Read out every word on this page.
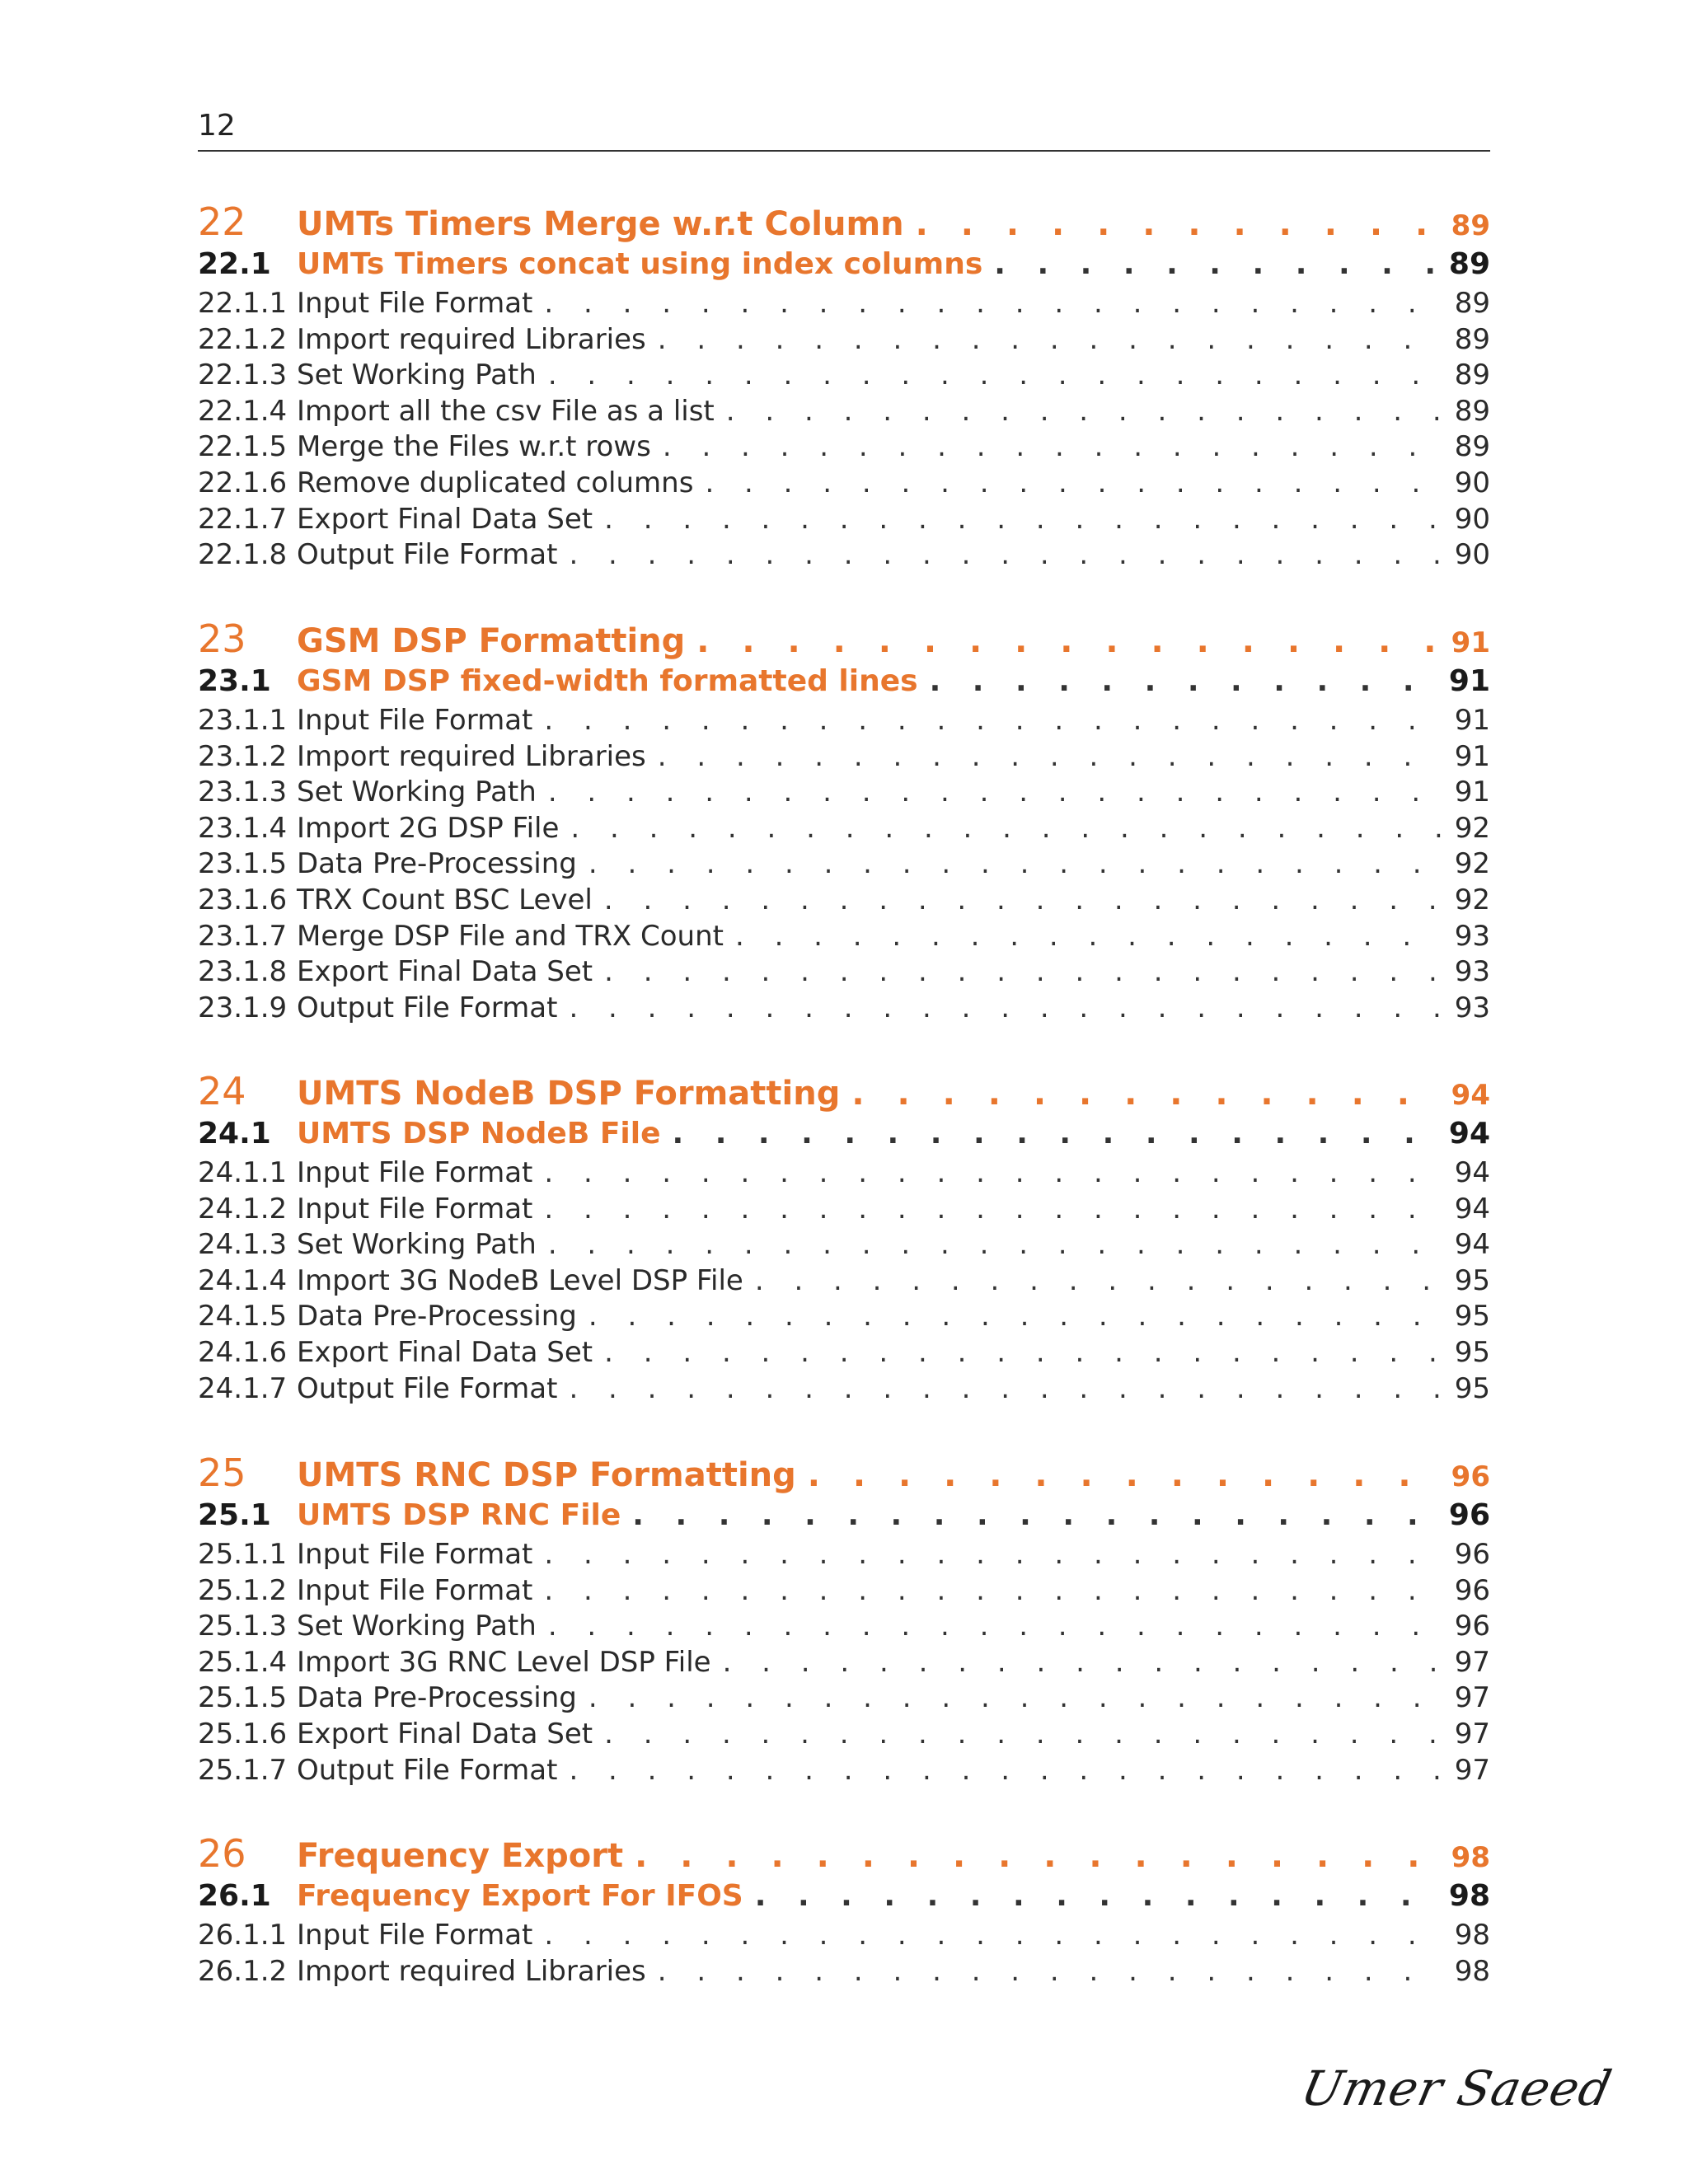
12
22	UMTs Timers Merge w.r.t Column . . .	89
22.1 UMTs Timers concat using index columns . . .	89
22.1.1 Input File Format . . .	89
22.1.2 Import required Libraries . . .	89
22.1.3 Set Working Path . . .	89
22.1.4 Import all the csv File as a list . . .	89
22.1.5 Merge the Files w.r.t rows . . .	89
22.1.6 Remove duplicated columns . . .	90
22.1.7 Export Final Data Set . . .	90
22.1.8 Output File Format . . .	90
23	GSM DSP Formatting . . .	91
23.1 GSM DSP fixed-width formatted lines . . .	91
23.1.1 Input File Format . . .	91
23.1.2 Import required Libraries . . .	91
23.1.3 Set Working Path . . .	91
23.1.4 Import 2G DSP File . . .	92
23.1.5 Data Pre-Processing . . .	92
23.1.6 TRX Count BSC Level . . .	92
23.1.7 Merge DSP File and TRX Count . . .	93
23.1.8 Export Final Data Set . . .	93
23.1.9 Output File Format . . .	93
24	UMTS NodeB DSP Formatting . . .	94
24.1 UMTS DSP NodeB File . . .	94
24.1.1 Input File Format . . .	94
24.1.2 Input File Format . . .	94
24.1.3 Set Working Path . . .	94
24.1.4 Import 3G NodeB Level DSP File . . .	95
24.1.5 Data Pre-Processing . . .	95
24.1.6 Export Final Data Set . . .	95
24.1.7 Output File Format . . .	95
25	UMTS RNC DSP Formatting . . .	96
25.1 UMTS DSP RNC File . . .	96
25.1.1 Input File Format . . .	96
25.1.2 Input File Format . . .	96
25.1.3 Set Working Path . . .	96
25.1.4 Import 3G RNC Level DSP File . . .	97
25.1.5 Data Pre-Processing . . .	97
25.1.6 Export Final Data Set . . .	97
25.1.7 Output File Format . . .	97
26	Frequency Export . . .	98
26.1 Frequency Export For IFOS . . .	98
26.1.1 Input File Format . . .	98
26.1.2 Import required Libraries . . .	98
Umer Saeed
